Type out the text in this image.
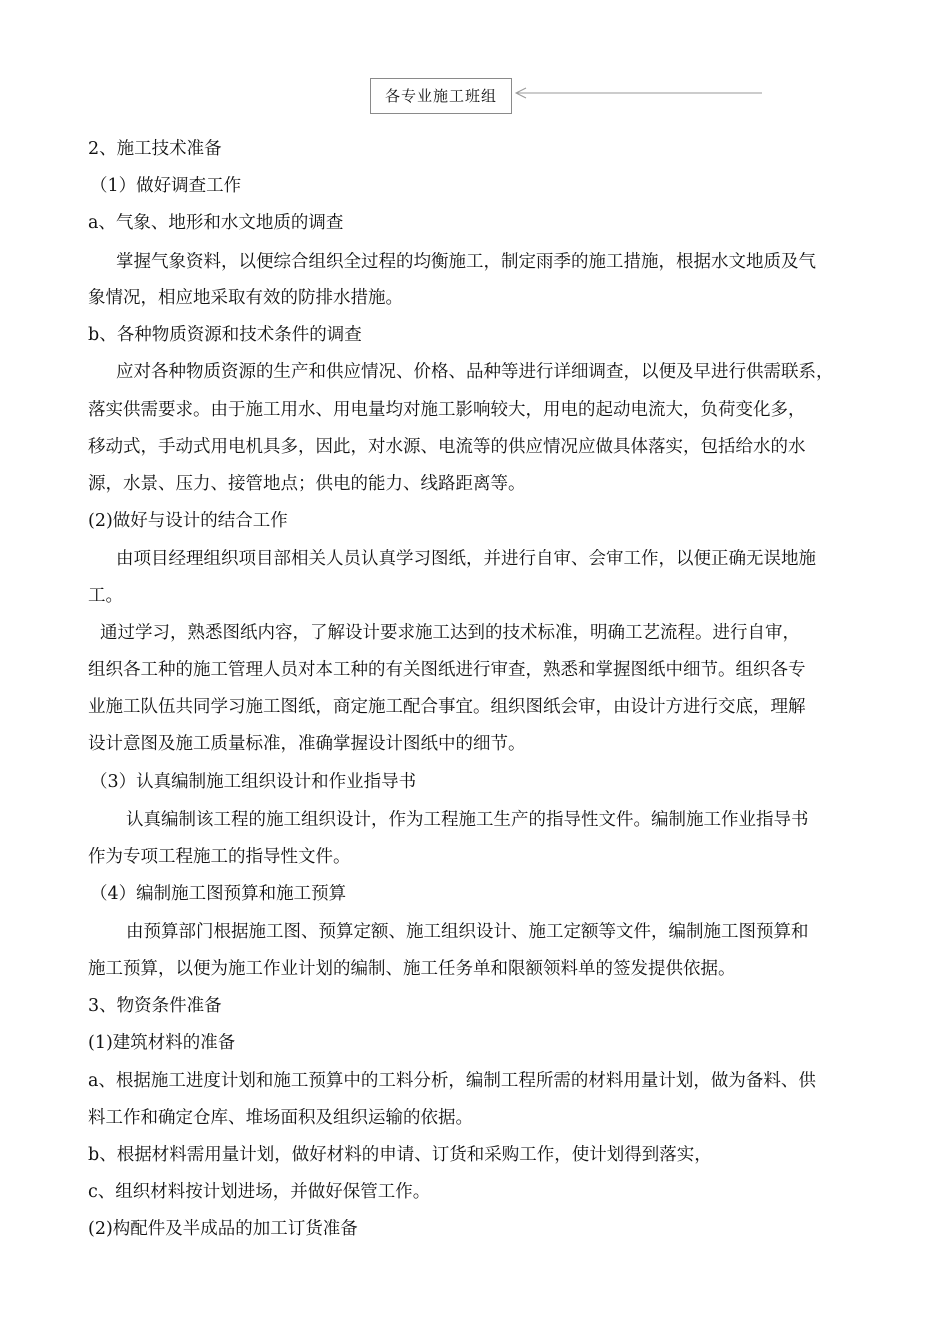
各专业施工班组
2、施工技术准备
（1）做好调查工作
a、气象、地形和水文地质的调查
掌握气象资料，以便综合组织全过程的均衡施工，制定雨季的施工措施，根据水文地质及气
象情况，相应地采取有效的防排水措施。
b、各种物质资源和技术条件的调查
应对各种物质资源的生产和供应情况、价格、品种等进行详细调查，以便及早进行供需联系，
落实供需要求。由于施工用水、用电量均对施工影响较大，用电的起动电流大，负荷变化多，
移动式，手动式用电机具多，因此，对水源、电流等的供应情况应做具体落实，包括给水的水
源，水景、压力、接管地点；供电的能力、线路距离等。
(2)做好与设计的结合工作
由项目经理组织项目部相关人员认真学习图纸，并进行自审、会审工作，以便正确无误地施
工。
通过学习，熟悉图纸内容，了解设计要求施工达到的技术标准，明确工艺流程。进行自审，
组织各工种的施工管理人员对本工种的有关图纸进行审查，熟悉和掌握图纸中细节。组织各专
业施工队伍共同学习施工图纸，商定施工配合事宜。组织图纸会审，由设计方进行交底，理解
设计意图及施工质量标准，准确掌握设计图纸中的细节。
（3）认真编制施工组织设计和作业指导书
认真编制该工程的施工组织设计，作为工程施工生产的指导性文件。编制施工作业指导书
作为专项工程施工的指导性文件。
（4）编制施工图预算和施工预算
由预算部门根据施工图、预算定额、施工组织设计、施工定额等文件，编制施工图预算和
施工预算，以便为施工作业计划的编制、施工任务单和限额领料单的签发提供依据。
3、物资条件准备
(1)建筑材料的准备
a、根据施工进度计划和施工预算中的工料分析，编制工程所需的材料用量计划，做为备料、供
料工作和确定仓库、堆场面积及组织运输的依据。
b、根据材料需用量计划，做好材料的申请、订货和采购工作，使计划得到落实，
c、组织材料按计划进场，并做好保管工作。
(2)构配件及半成品的加工订货准备
